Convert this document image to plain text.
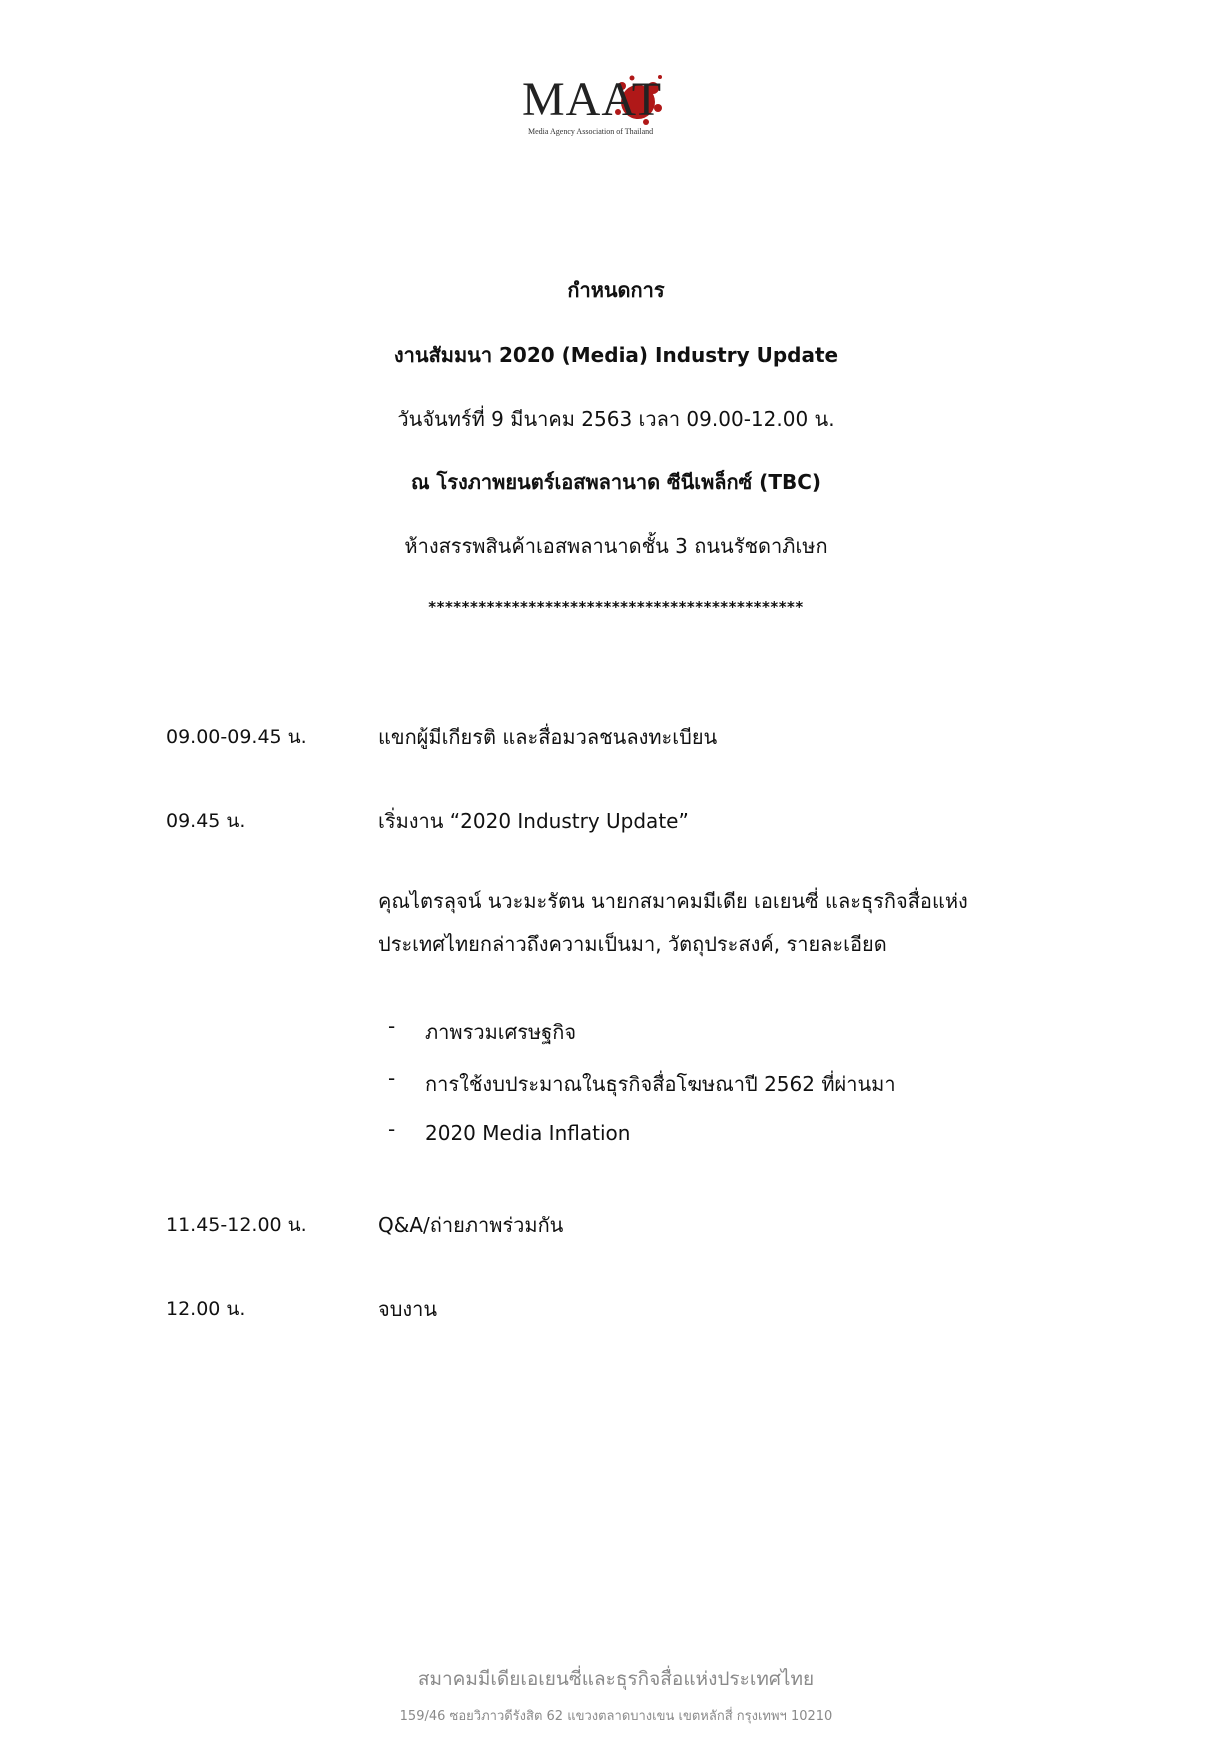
MAAT
Media Agency Association of Thailand
กำหนดการ
งานสัมมนา 2020 (Media) Industry Update
วันจันทร์ที่ 9 มีนาคม 2563 เวลา 09.00-12.00 น.
ณ โรงภาพยนตร์เอสพลานาด ซีนีเพล็กซ์ (TBC)
ห้างสรรพสินค้าเอสพลานาดชั้น 3 ถนนรัชดาภิเษก
*********************************************
09.00-09.45 น.	แขกผู้มีเกียรติ และสื่อมวลชนลงทะเบียน
09.45 น.	เริ่มงาน “2020 Industry Update”
คุณไตรลุจน์ นวะมะรัตน นายกสมาคมมีเดีย เอเยนซี่ และธุรกิจสื่อแห่ง
ประเทศไทยกล่าวถึงความเป็นมา, วัตถุประสงค์, รายละเอียด
- ภาพรวมเศรษฐกิจ
- การใช้งบประมาณในธุรกิจสื่อโฆษณาปี 2562 ที่ผ่านมา
- 2020 Media Inflation
11.45-12.00 น.	Q&A/ถ่ายภาพร่วมกัน
12.00 น.	จบงาน
สมาคมมีเดียเอเยนซี่และธุรกิจสื่อแห่งประเทศไทย
159/46 ซอยวิภาวดีรังสิต 62 แขวงตลาดบางเขน เขตหลักสี่ กรุงเทพฯ 10210
